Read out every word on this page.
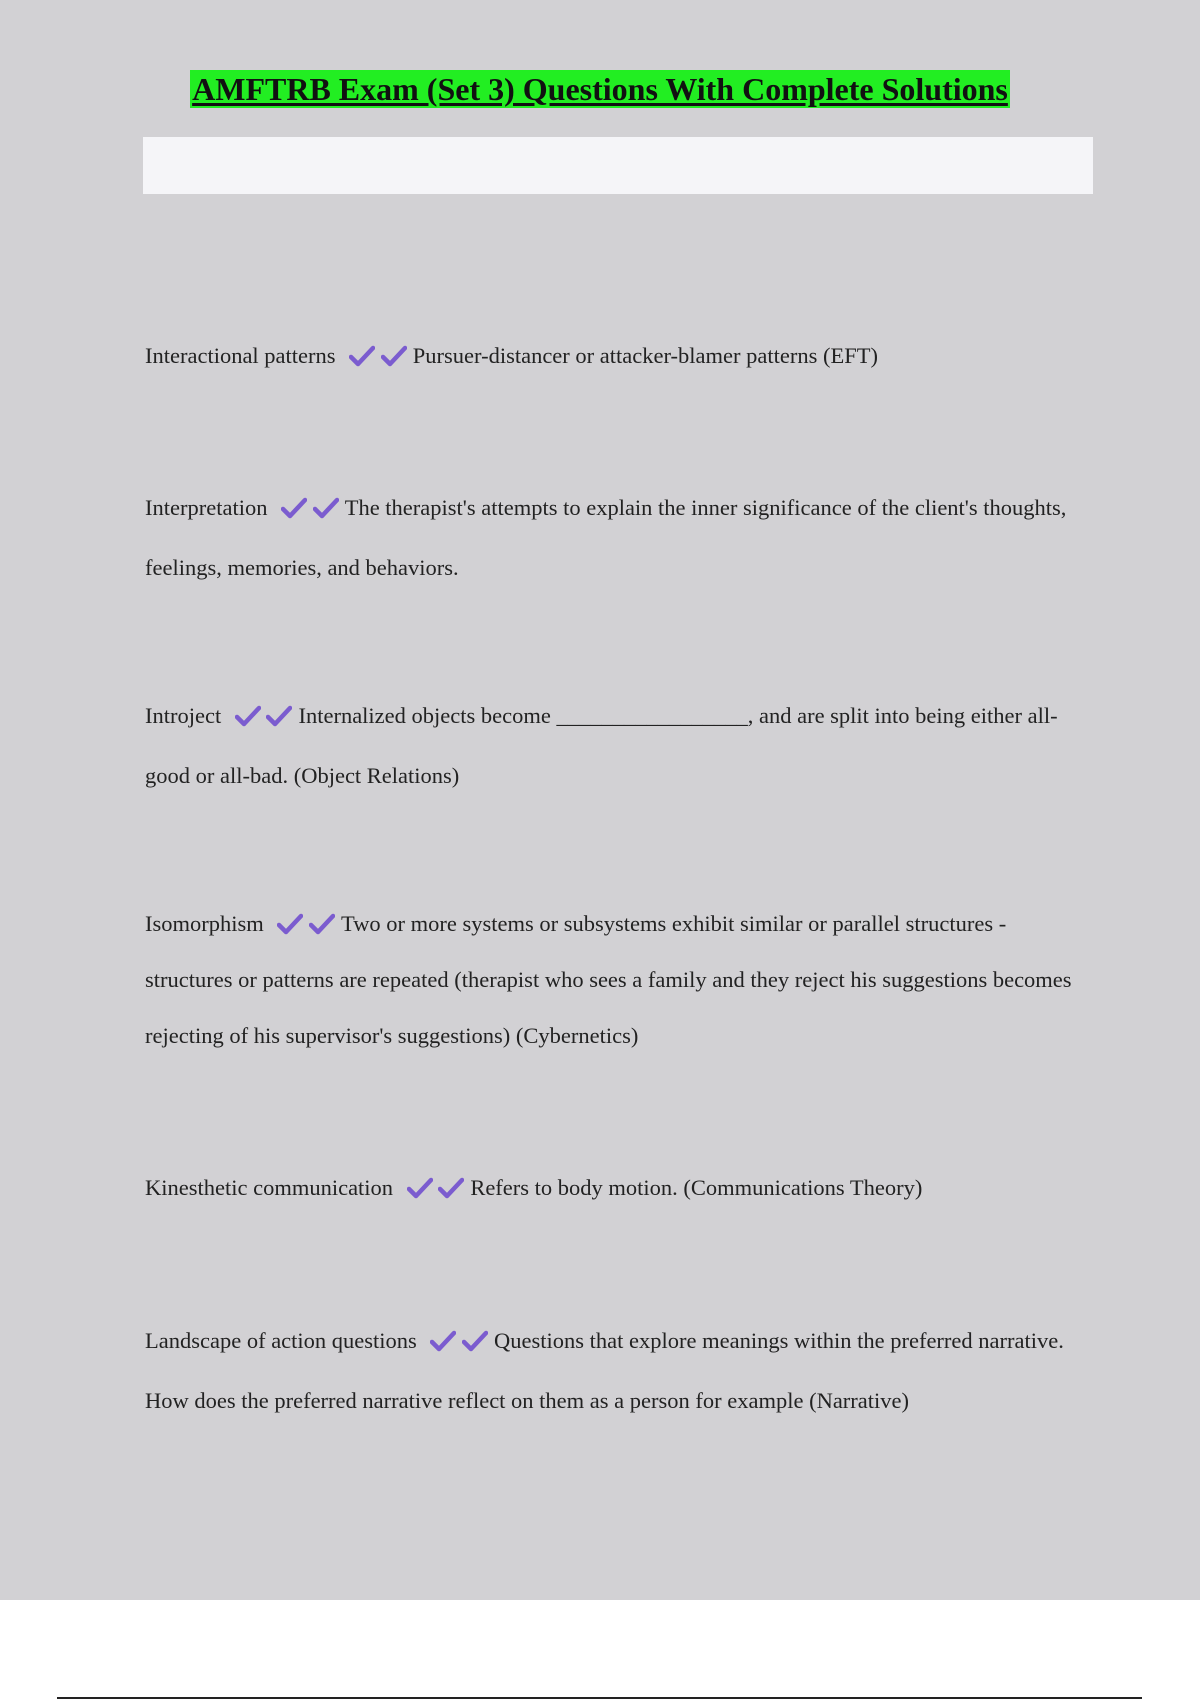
AMFTRB Exam (Set 3) Questions With Complete Solutions
Interactional patterns	Pursuer-distancer or attacker-blamer patterns (EFT)
Interpretation	The therapist's attempts to explain the inner significance of the client's thoughts, feelings, memories, and behaviors.
Introject	Internalized objects become _________________, and are split into being either all-good or all-bad. (Object Relations)
Isomorphism	Two or more systems or subsystems exhibit similar or parallel structures - structures or patterns are repeated (therapist who sees a family and they reject his suggestions becomes rejecting of his supervisor's suggestions) (Cybernetics)
Kinesthetic communication	Refers to body motion. (Communications Theory)
Landscape of action questions	Questions that explore meanings within the preferred narrative. How does the preferred narrative reflect on them as a person for example (Narrative)
